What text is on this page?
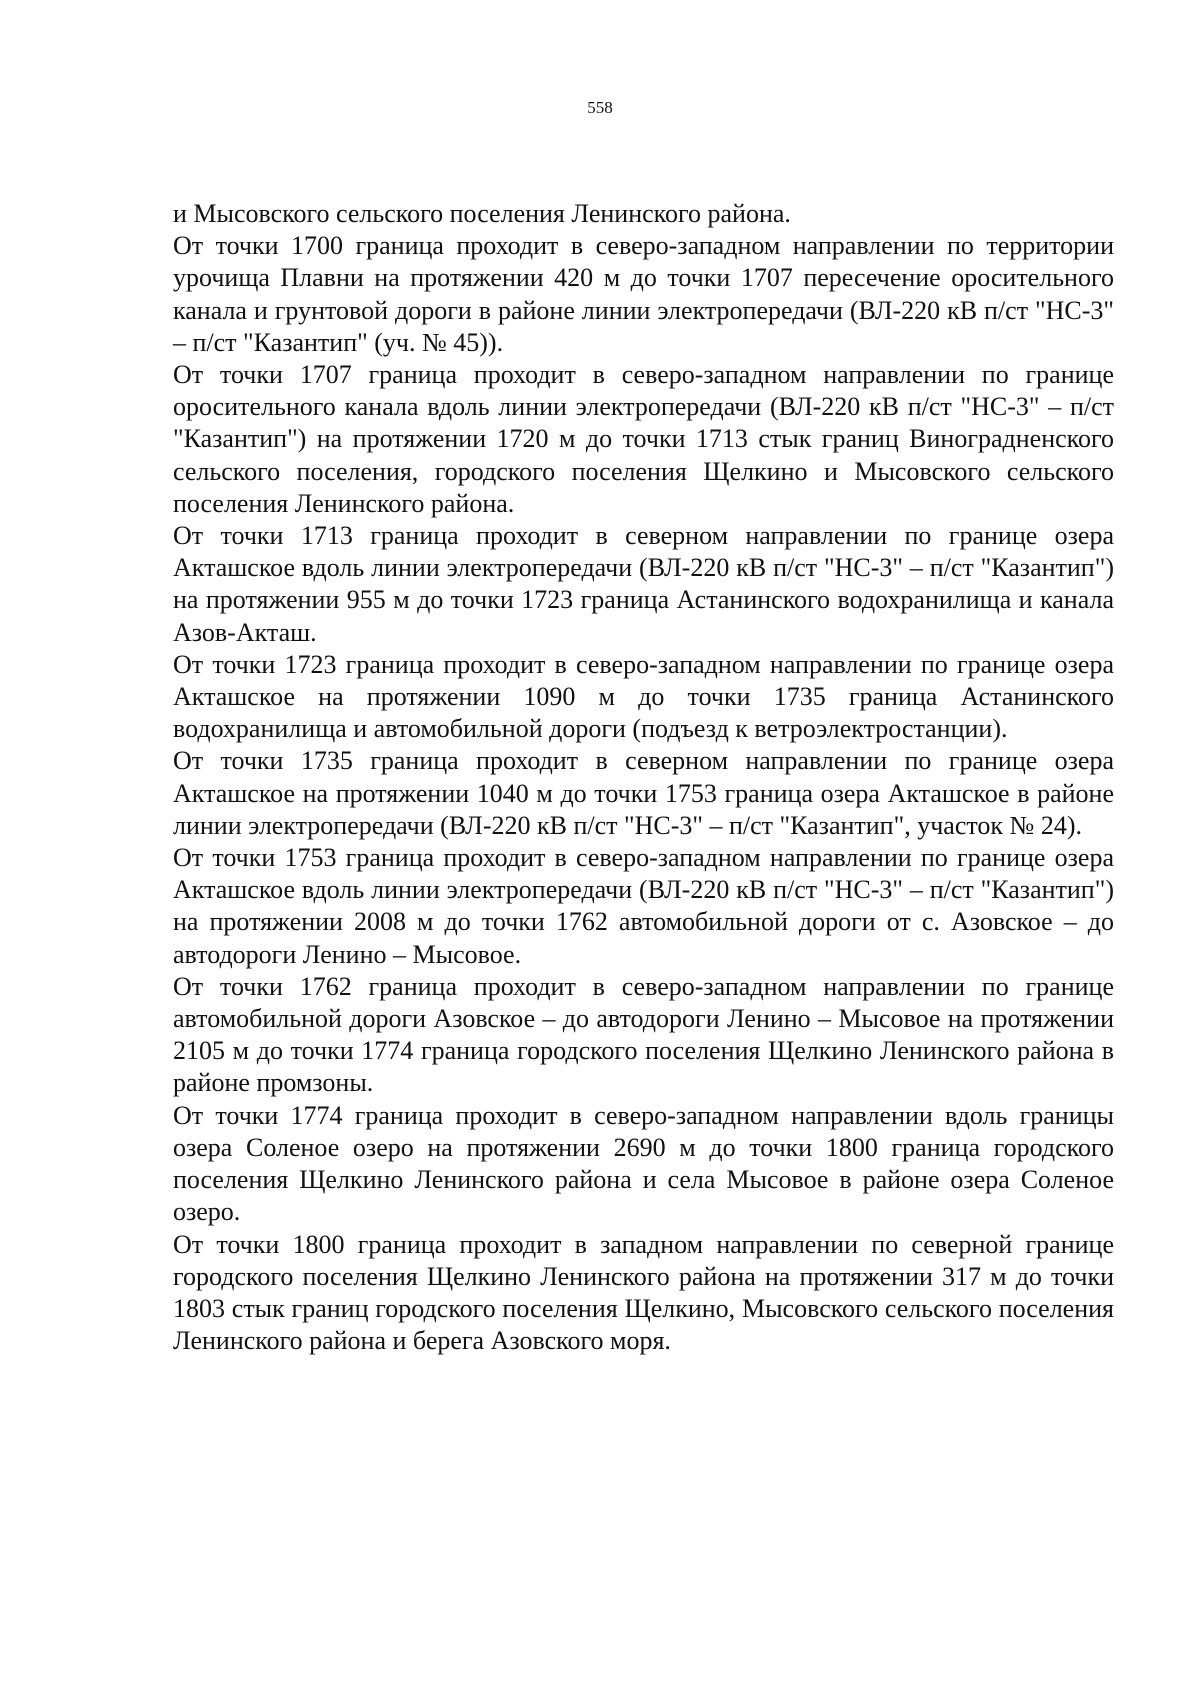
558

и Мысовского сельского поселения Ленинского района.

От точки 1700 граница проходит в северо-западном направлении по территории урочища Плавни на протяжении 420 м до точки 1707 пересечение оросительного канала и грунтовой дороги в районе линии электропередачи (ВЛ-220 кВ п/ст "НС-3" – п/ст "Казантип" (уч. № 45)).

От точки 1707 граница проходит в северо-западном направлении по границе оросительного канала вдоль линии электропередачи (ВЛ-220 кВ п/ст "НС-3" – п/ст "Казантип") на протяжении 1720 м до точки 1713 стык границ Виноградненского сельского поселения, городского поселения Щелкино и Мысовского сельского поселения Ленинского района.

От точки 1713 граница проходит в северном направлении по границе озера Акташское вдоль линии электропередачи (ВЛ-220 кВ п/ст "НС-3" – п/ст "Казантип") на протяжении 955 м до точки 1723 граница Астанинского водохранилища и канала Азов-Акташ.

От точки 1723 граница проходит в северо-западном направлении по границе озера Акташское на протяжении 1090 м до точки 1735 граница Астанинского водохранилища и автомобильной дороги (подъезд к ветроэлектростанции).

От точки 1735 граница проходит в северном направлении по границе озера Акташское на протяжении 1040 м до точки 1753 граница озера Акташское в районе линии электропередачи (ВЛ-220 кВ п/ст "НС-3" – п/ст "Казантип", участок № 24).

От точки 1753 граница проходит в северо-западном направлении по границе озера Акташское вдоль линии электропередачи (ВЛ-220 кВ п/ст "НС-3" – п/ст "Казантип") на протяжении 2008 м до точки 1762 автомобильной дороги от с. Азовское – до автодороги Ленино – Мысовое.

От точки 1762 граница проходит в северо-западном направлении по границе автомобильной дороги Азовское – до автодороги Ленино – Мысовое на протяжении 2105 м до точки 1774 граница городского поселения Щелкино Ленинского района в районе промзоны.

От точки 1774 граница проходит в северо-западном направлении вдоль границы озера Соленое озеро на протяжении 2690 м до точки 1800 граница городского поселения Щелкино Ленинского района и села Мысовое в районе озера Соленое озеро.

От точки 1800 граница проходит в западном направлении по северной границе городского поселения Щелкино Ленинского района на протяжении 317 м до точки 1803 стык границ городского поселения Щелкино, Мысовского сельского поселения Ленинского района и берега Азовского моря.
